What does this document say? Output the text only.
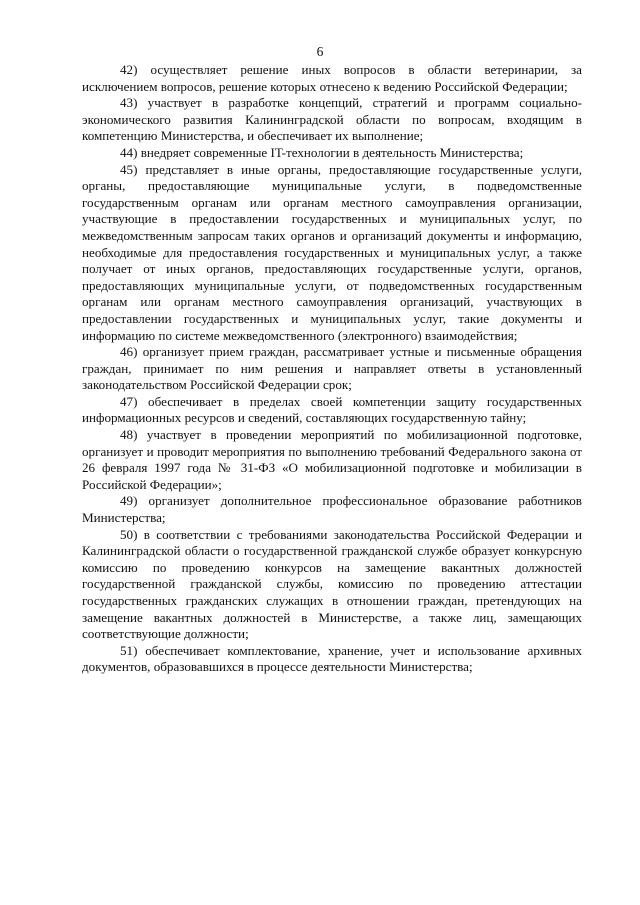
6

42) осуществляет решение иных вопросов в области ветеринарии, за исключением вопросов, решение которых отнесено к ведению Российской Федерации;

43) участвует в разработке концепций, стратегий и программ социально-экономического развития Калининградской области по вопросам, входящим в компетенцию Министерства, и обеспечивает их выполнение;

44) внедряет современные IT-технологии в деятельность Министерства;

45) представляет в иные органы, предоставляющие государственные услуги, органы, предоставляющие муниципальные услуги, в подведомственные государственным органам или органам местного самоуправления организации, участвующие в предоставлении государственных и муниципальных услуг, по межведомственным запросам таких органов и организаций документы и информацию, необходимые для предоставления государственных и муниципальных услуг, а также получает от иных органов, предоставляющих государственные услуги, органов, предоставляющих муниципальные услуги, от подведомственных государственным органам или органам местного самоуправления организаций, участвующих в предоставлении государственных и муниципальных услуг, такие документы и информацию по системе межведомственного (электронного) взаимодействия;

46) организует прием граждан, рассматривает устные и письменные обращения граждан, принимает по ним решения и направляет ответы в установленный законодательством Российской Федерации срок;

47) обеспечивает в пределах своей компетенции защиту государственных информационных ресурсов и сведений, составляющих государственную тайну;

48) участвует в проведении мероприятий по мобилизационной подготовке, организует и проводит мероприятия по выполнению требований Федерального закона от 26 февраля 1997 года № 31-ФЗ «О мобилизационной подготовке и мобилизации в Российской Федерации»;

49) организует дополнительное профессиональное образование работников Министерства;

50) в соответствии с требованиями законодательства Российской Федерации и Калининградской области о государственной гражданской службе образует конкурсную комиссию по проведению конкурсов на замещение вакантных должностей государственной гражданской службы, комиссию по проведению аттестации государственных гражданских служащих в отношении граждан, претендующих на замещение вакантных должностей в Министерстве, а также лиц, замещающих соответствующие должности;

51) обеспечивает комплектование, хранение, учет и использование архивных документов, образовавшихся в процессе деятельности Министерства;
